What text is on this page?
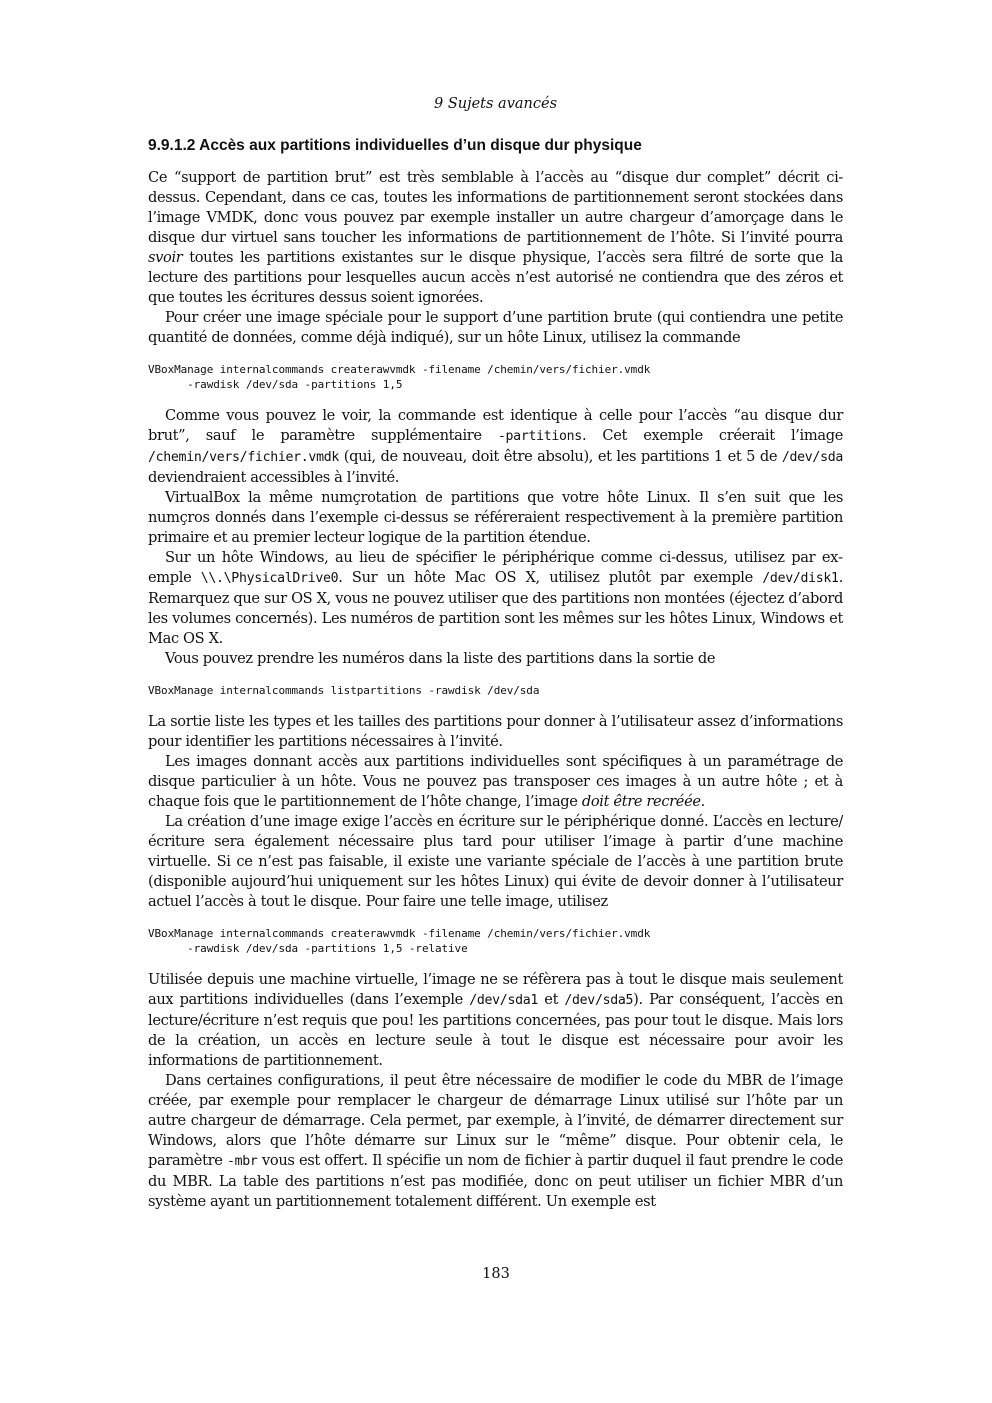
9 Sujets avancés
9.9.1.2 Accès aux partitions individuelles d’un disque dur physique

Ce “support de partition brut” est très semblable à l’accès au “disque dur complet” décrit ci-dessus. Cependant, dans ce cas, toutes les informations de partitionnement seront stockées dans l’image VMDK, donc vous pouvez par exemple installer un autre chargeur d’amorçage dans le disque dur virtuel sans toucher les informations de partitionnement de l’hôte. Si l’invité pourra svoir toutes les partitions existantes sur le disque physique, l’accès sera filtré de sorte que la lecture des partitions pour lesquelles aucun accès n’est autorisé ne contiendra que des zéros et que toutes les écritures dessus soient ignorées.

Pour créer une image spéciale pour le support d’une partition brute (qui contiendra une petite quantité de données, comme déjà indiqué), sur un hôte Linux, utilisez la commande

VBoxManage internalcommands createrawvmdk -filename /chemin/vers/fichier.vmdk
-rawdisk /dev/sda -partitions 1,5

Comme vous pouvez le voir, la commande est identique à celle pour l’accès “au disque dur brut”, sauf le paramètre supplémentaire -partitions. Cet exemple créerait l’image /chemin/vers/fichier.vmdk (qui, de nouveau, doit être absolu), et les partitions 1 et 5 de /dev/sda deviendraient accessibles à l’invité.

VirtualBox la même numçrotation de partitions que votre hôte Linux. Il s’en suit que les numçros donnés dans l’exemple ci-dessus se référeraient respectivement à la première partition primaire et au premier lecteur logique de la partition étendue.

Sur un hôte Windows, au lieu de spécifier le périphérique comme ci-dessus, utilisez par exemple \\.\PhysicalDrive0. Sur un hôte Mac OS X, utilisez plutôt par exemple /dev/disk1. Remarquez que sur OS X, vous ne pouvez utiliser que des partitions non montées (éjectez d’abord les volumes concernés). Les numéros de partition sont les mêmes sur les hôtes Linux, Windows et Mac OS X.

Vous pouvez prendre les numéros dans la liste des partitions dans la sortie de

VBoxManage internalcommands listpartitions -rawdisk /dev/sda

La sortie liste les types et les tailles des partitions pour donner à l’utilisateur assez d’informations pour identifier les partitions nécessaires à l’invité.

Les images donnant accès aux partitions individuelles sont spécifiques à un paramétrage de disque particulier à un hôte. Vous ne pouvez pas transposer ces images à un autre hôte ; et à chaque fois que le partitionnement de l’hôte change, l’image doit être recréée.

La création d’une image exige l’accès en écriture sur le périphérique donné. L’accès en lecture/écriture sera également nécessaire plus tard pour utiliser l’image à partir d’une machine virtuelle. Si ce n’est pas faisable, il existe une variante spéciale de l’accès à une partition brute (disponible aujourd’hui uniquement sur les hôtes Linux) qui évite de devoir donner à l’utilisateur actuel l’accès à tout le disque. Pour faire une telle image, utilisez

VBoxManage internalcommands createrawvmdk -filename /chemin/vers/fichier.vmdk
-rawdisk /dev/sda -partitions 1,5 -relative

Utilisée depuis une machine virtuelle, l’image ne se réfèrera pas à tout le disque mais seulement aux partitions individuelles (dans l’exemple /dev/sda1 et /dev/sda5). Par conséquent, l’accès en lecture/écriture n’est requis que pou! les partitions concernées, pas pour tout le disque. Mais lors de la création, un accès en lecture seule à tout le disque est nécessaire pour avoir les informations de partitionnement.

Dans certaines configurations, il peut être nécessaire de modifier le code du MBR de l’image créée, par exemple pour remplacer le chargeur de démarrage Linux utilisé sur l’hôte par un autre chargeur de démarrage. Cela permet, par exemple, à l’invité, de démarrer directement sur Windows, alors que l’hôte démarre sur Linux sur le “même” disque. Pour obtenir cela, le paramètre -mbr vous est offert. Il spécifie un nom de fichier à partir duquel il faut prendre le code du MBR. La table des partitions n’est pas modifiée, donc on peut utiliser un fichier MBR d’un système ayant un partitionnement totalement différent. Un exemple est

183
